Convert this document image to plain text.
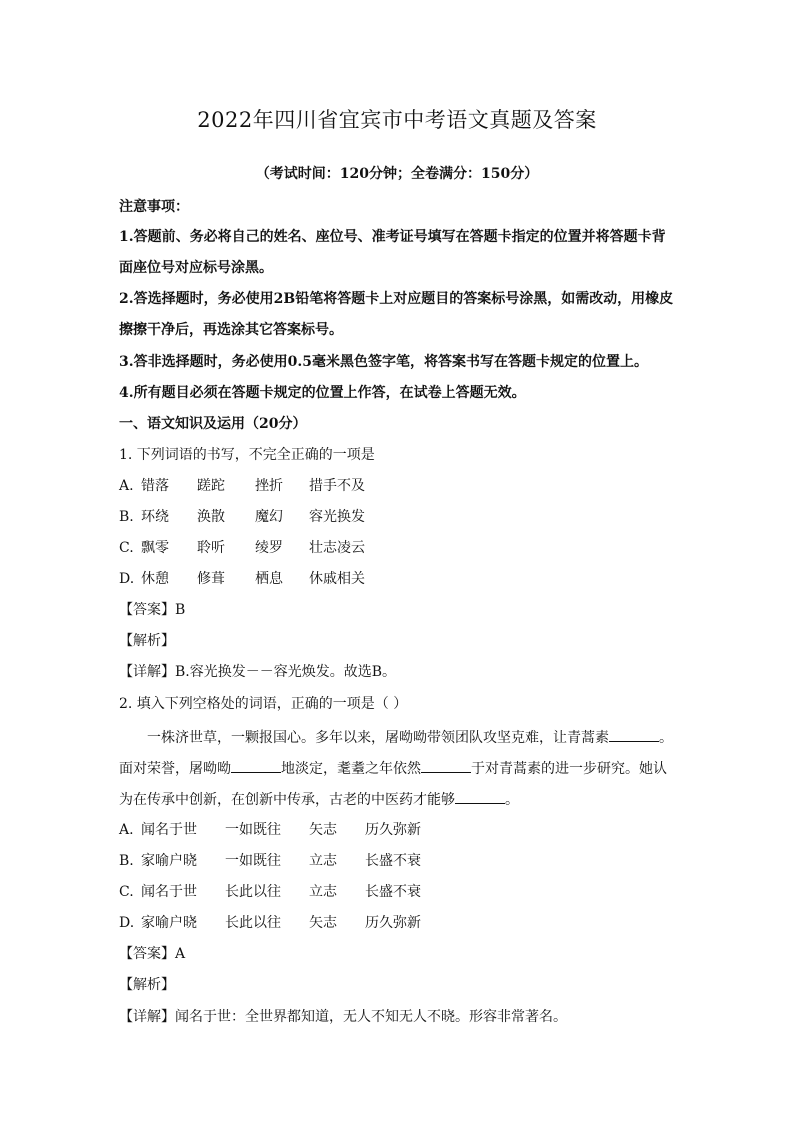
2022年四川省宜宾市中考语文真题及答案
（考试时间：120分钟；全卷满分：150分）
注意事项：
1.答题前、务必将自己的姓名、座位号、准考证号填写在答题卡指定的位置并将答题卡背
面座位号对应标号涂黑。
2.答选择题时，务必使用2B铅笔将答题卡上对应题目的答案标号涂黑，如需改动，用橡皮
擦擦干净后，再选涂其它答案标号。
3.答非选择题时，务必使用0.5毫米黑色签字笔，将答案书写在答题卡规定的位置上。
4.所有题目必须在答题卡规定的位置上作答，在试卷上答题无效。
一、语文知识及运用（20分）
1. 下列词语的书写，不完全正确的一项是
A. 错落 蹉跎 挫折 措手不及
B. 环绕 涣散 魔幻 容光换发
C. 飘零 聆听 绫罗 壮志凌云
D. 休憩 修葺 栖息 休戚相关
【答案】B
【解析】
【详解】B.容光换发－－容光焕发。故选B。
2. 填入下列空格处的词语，正确的一项是（ ）
一株济世草，一颗报国心。多年以来，屠呦呦带领团队攻坚克难，让青蒿素	。
面对荣誉，屠呦呦	地淡定，耄耋之年依然	于对青蒿素的进一步研究。她认
为在传承中创新，在创新中传承，古老的中医药才能够	。
A. 闻名于世 一如既往 矢志 历久弥新
B. 家喻户晓 一如既往 立志 长盛不衰
C. 闻名于世 长此以往 立志 长盛不衰
D. 家喻户晓 长此以往 矢志 历久弥新
【答案】A
【解析】
【详解】闻名于世：全世界都知道，无人不知无人不晓。形容非常著名。
